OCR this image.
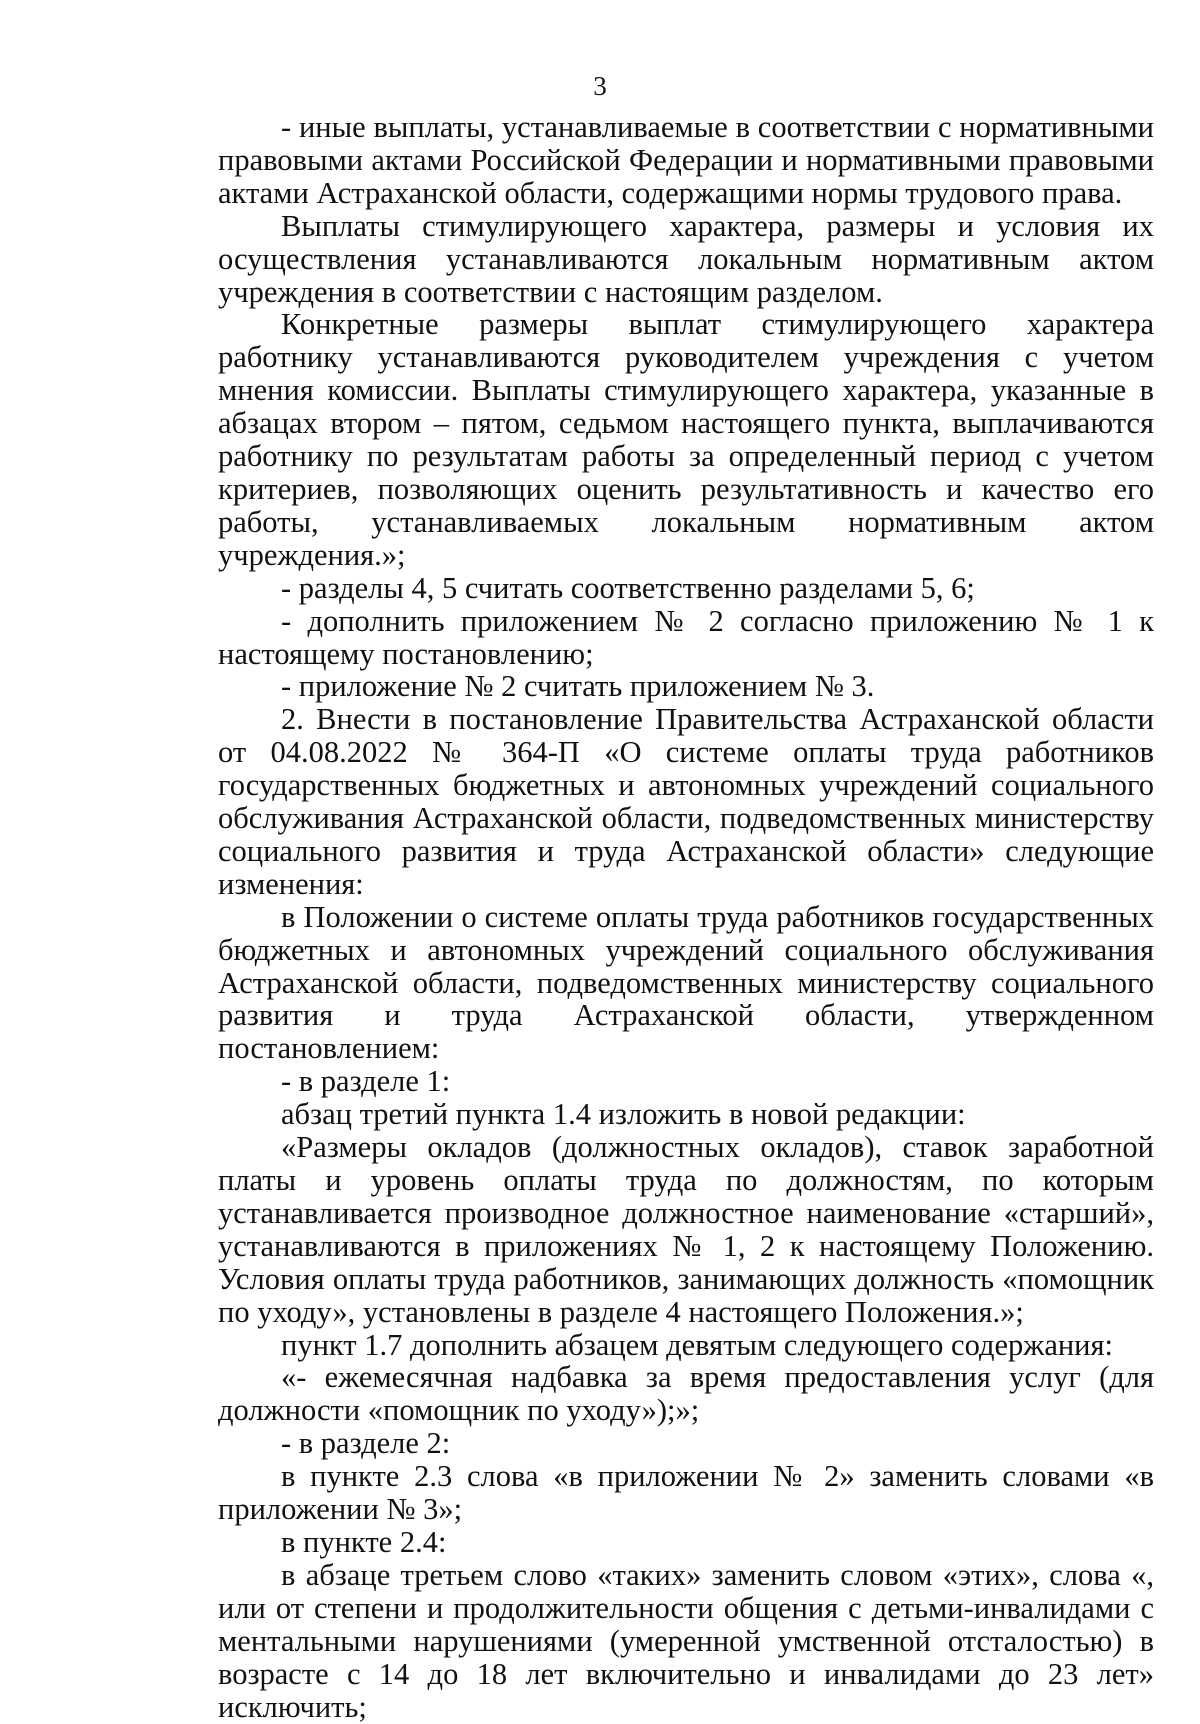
3

- иные выплаты, устанавливаемые в соответствии с нормативными правовыми актами Российской Федерации и нормативными правовыми актами Астраханской области, содержащими нормы трудового права.

Выплаты стимулирующего характера, размеры и условия их осуществления устанавливаются локальным нормативным актом учреждения в соответствии с настоящим разделом.

Конкретные размеры выплат стимулирующего характера работнику устанавливаются руководителем учреждения с учетом мнения комиссии. Выплаты стимулирующего характера, указанные в абзацах втором – пятом, седьмом настоящего пункта, выплачиваются работнику по результатам работы за определенный период с учетом критериев, позволяющих оценить результативность и качество его работы, устанавливаемых локальным нормативным актом учреждения.»;

- разделы 4, 5 считать соответственно разделами 5, 6;

- дополнить приложением № 2 согласно приложению № 1 к настоящему постановлению;

- приложение № 2 считать приложением № 3.

2. Внести в постановление Правительства Астраханской области от 04.08.2022 № 364-П «О системе оплаты труда работников государственных бюджетных и автономных учреждений социального обслуживания Астраханской области, подведомственных министерству социального развития и труда Астраханской области» следующие изменения:

в Положении о системе оплаты труда работников государственных бюджетных и автономных учреждений социального обслуживания Астраханской области, подведомственных министерству социального развития и труда Астраханской области, утвержденном постановлением:

- в разделе 1:

абзац третий пункта 1.4 изложить в новой редакции:

«Размеры окладов (должностных окладов), ставок заработной платы и уровень оплаты труда по должностям, по которым устанавливается производное должностное наименование «старший», устанавливаются в приложениях № 1, 2 к настоящему Положению. Условия оплаты труда работников, занимающих должность «помощник по уходу», установлены в разделе 4 настоящего Положения.»;

пункт 1.7 дополнить абзацем девятым следующего содержания:

«- ежемесячная надбавка за время предоставления услуг (для должности «помощник по уходу»);»;

- в разделе 2:

в пункте 2.3 слова «в приложении № 2» заменить словами «в приложении № 3»;

в пункте 2.4:

в абзаце третьем слово «таких» заменить словом «этих», слова «, или от степени и продолжительности общения с детьми-инвалидами с ментальными нарушениями (умеренной умственной отсталостью) в возрасте с 14 до 18 лет включительно и инвалидами до 23 лет» исключить;
